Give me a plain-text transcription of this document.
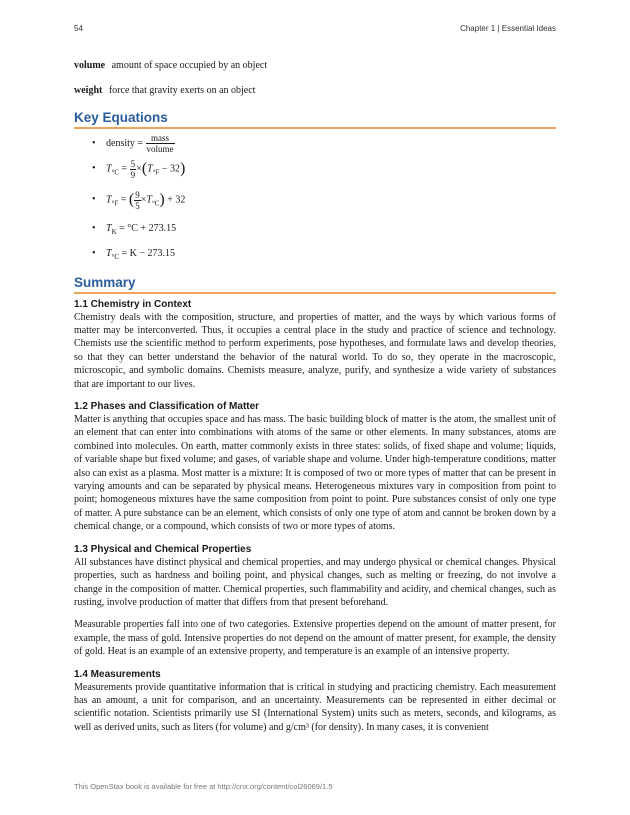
54	Chapter 1 | Essential Ideas

volume amount of space occupied by an object

weight force that gravity exerts on an object

Key Equations
• density = $\frac{\text{mass}}{\text{volume}}$
• $T_{^\circ C} = \frac{5}{9} \times(T_{^\circ F} - 32)$
• $T_{^\circ F}$ = ( $\frac{9}{5} \times T_{^\circ C}) + 32$
• $T_K = ^\circ C + 273.15$
• $T_{^\circ C} = K - 273.15$
Summary
1.1 Chemistry in Context

Chemistry deals with the composition, structure, and properties of matter, and the ways by which various forms of matter may be interconverted. Thus, it occupies a central place in the study and practice of science and technology. Chemists use the scientific method to perform experiments, pose hypotheses, and formulate laws and develop theories, so that they can better understand the behavior of the natural world. To do so, they operate in the macroscopic, microscopic, and symbolic domains. Chemists measure, analyze, purify, and synthesize a wide variety of substances that are important to our lives.

1.2 Phases and Classification of Matter

Matter is anything that occupies space and has mass. The basic building block of matter is the atom, the smallest unit of an element that can enter into combinations with atoms of the same or other elements. In many substances, atoms are combined into molecules. On earth, matter commonly exists in three states: solids, of fixed shape and volume; liquids, of variable shape but fixed volume; and gases, of variable shape and volume. Under high-temperature conditions, matter also can exist as a plasma. Most matter is a mixture: It is composed of two or more types of matter that can be present in varying amounts and can be separated by physical means. Heterogeneous mixtures vary in composition from point to point; homogeneous mixtures have the same composition from point to point. Pure substances consist of only one type of matter. A pure substance can be an element, which consists of only one type of atom and cannot be broken down by a chemical change, or a compound, which consists of two or more types of atoms.

1.3 Physical and Chemical Properties

All substances have distinct physical and chemical properties, and may undergo physical or chemical changes. Physical properties, such as hardness and boiling point, and physical changes, such as melting or freezing, do not involve a change in the composition of matter. Chemical properties, such flammability and acidity, and chemical changes, such as rusting, involve production of matter that differs from that present beforehand.

Measurable properties fall into one of two categories. Extensive properties depend on the amount of matter present, for example, the mass of gold. Intensive properties do not depend on the amount of matter present, for example, the density of gold. Heat is an example of an extensive property, and temperature is an example of an intensive property.

1.4 Measurements

Measurements provide quantitative information that is critical in studying and practicing chemistry. Each measurement has an amount, a unit for comparison, and an uncertainty. Measurements can be represented in either decimal or scientific notation. Scientists primarily use SI (International System) units such as meters, seconds, and kilograms, as well as derived units, such as liters (for volume) and g/cm³ (for density). In many cases, it is convenient

This OpenStax book is available for free at http://cnx.org/content/col26069/1.5
